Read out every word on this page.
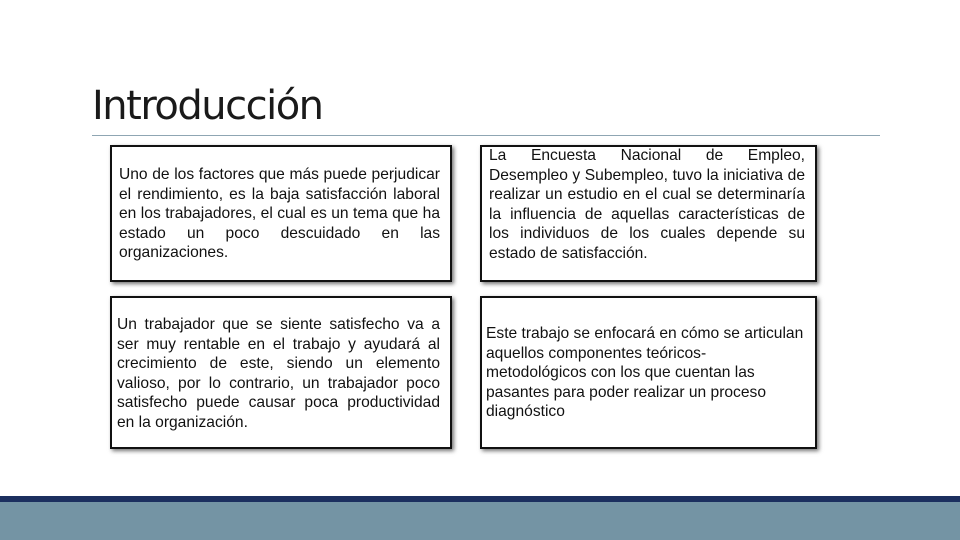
Introducción

Uno de los factores que más puede perjudicar el rendimiento, es la baja satisfacción laboral en los trabajadores, el cual es un tema que ha estado un poco descuidado en las organizaciones.

La Encuesta Nacional de Empleo, Desempleo y Subempleo, tuvo la iniciativa de realizar un estudio en el cual se determinaría la influencia de aquellas características de los individuos de los cuales depende su estado de satisfacción.

Un trabajador que se siente satisfecho va a ser muy rentable en el trabajo y ayudará al crecimiento de este, siendo un elemento valioso, por lo contrario, un trabajador poco satisfecho puede causar poca productividad en la organización.

Este trabajo se enfocará en cómo se articulan aquellos componentes teóricos-metodológicos con los que cuentan las pasantes para poder realizar un proceso diagnóstico
